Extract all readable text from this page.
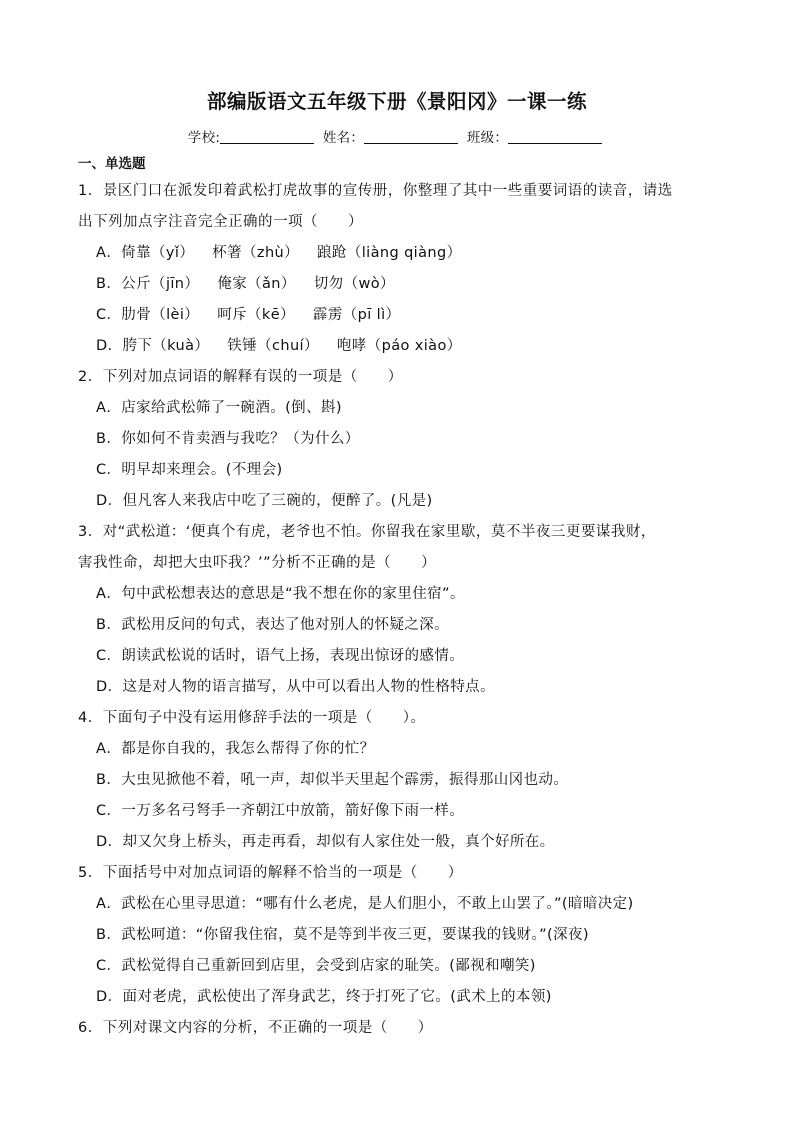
部编版语文五年级下册《景阳冈》一课一练
学校:	姓名：	班级：
一、单选题
1．景区门口在派发印着武松打虎故事的宣传册，你整理了其中一些重要词语的读音，请选
出下列加点字注音完全正确的一项（　　）
A．倚靠（yǐ） 杯箸（zhù） 踉跄（liàng qiàng）
B．公斤（jīn） 俺家（ǎn） 切勿（wò）
C．肋骨（lèi） 呵斥（kē） 霹雳（pī lì）
D．胯下（kuà） 铁锤（chuí） 咆哮（páo xiào）
2．下列对加点词语的解释有误的一项是（　　）
A．店家给武松筛了一碗酒。(倒、斟)
B．你如何不肯卖酒与我吃？（为什么）
C．明早却来理会。(不理会)
D．但凡客人来我店中吃了三碗的，便醉了。(凡是)
3．对“武松道：‘便真个有虎，老爷也不怕。你留我在家里歇，莫不半夜三更要谋我财，
害我性命，却把大虫吓我？’”分析不正确的是（　　）
A．句中武松想表达的意思是“我不想在你的家里住宿”。
B．武松用反问的句式，表达了他对别人的怀疑之深。
C．朗读武松说的话时，语气上扬，表现出惊讶的感情。
D．这是对人物的语言描写，从中可以看出人物的性格特点。
4．下面句子中没有运用修辞手法的一项是（　　）。
A．都是你自我的，我怎么帮得了你的忙？
B．大虫见掀他不着，吼一声，却似半天里起个霹雳，振得那山冈也动。
C．一万多名弓弩手一齐朝江中放箭，箭好像下雨一样。
D．却又欠身上桥头，再走再看，却似有人家住处一般，真个好所在。
5．下面括号中对加点词语的解释不恰当的一项是（　　）
A．武松在心里寻思道：“哪有什么老虎，是人们胆小，不敢上山罢了。”(暗暗决定)
B．武松呵道：“你留我住宿，莫不是等到半夜三更，要谋我的钱财。”(深夜)
C．武松觉得自己重新回到店里，会受到店家的耻笑。(鄙视和嘲笑)
D．面对老虎，武松使出了浑身武艺，终于打死了它。(武术上的本领)
6．下列对课文内容的分析，不正确的一项是（　　）
